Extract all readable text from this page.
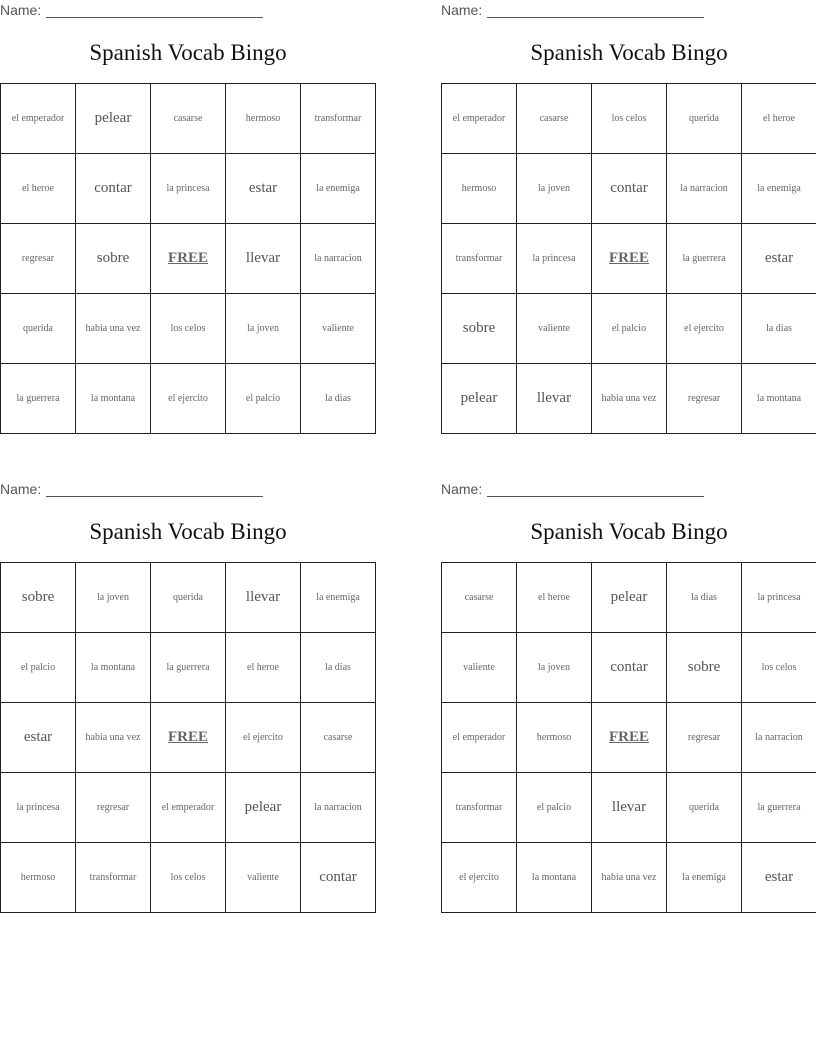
Name:
Spanish Vocab Bingo
el emperador	pelear	casarse	hermoso	transformar
el heroe	contar	la princesa	estar	la enemiga
regresar	sobre	FREE	llevar	la narracion
querida	habia una vez	los celos	la joven	valiente
la guerrera	la montana	el ejercito	el palcio	la dias
Name:
Spanish Vocab Bingo
el emperador	casarse	los celos	querida	el heroe
hermoso	la joven	contar	la narracion	la enemiga
transformar	la princesa	FREE	la guerrera	estar
sobre	valiente	el palcio	el ejercito	la dias
pelear	llevar	habia una vez	regresar	la montana
Name:
Spanish Vocab Bingo
sobre	la joven	querida	llevar	la enemiga
el palcio	la montana	la guerrera	el heroe	la dias
estar	habia una vez	FREE	el ejercito	casarse
la princesa	regresar	el emperador	pelear	la narracion
hermoso	transformar	los celos	valiente	contar
Name:
Spanish Vocab Bingo
casarse	el heroe	pelear	la dias	la princesa
valiente	la joven	contar	sobre	los celos
el emperador	hermoso	FREE	regresar	la narracion
transformar	el palcio	llevar	querida	la guerrera
el ejercito	la montana	habia una vez	la enemiga	estar
